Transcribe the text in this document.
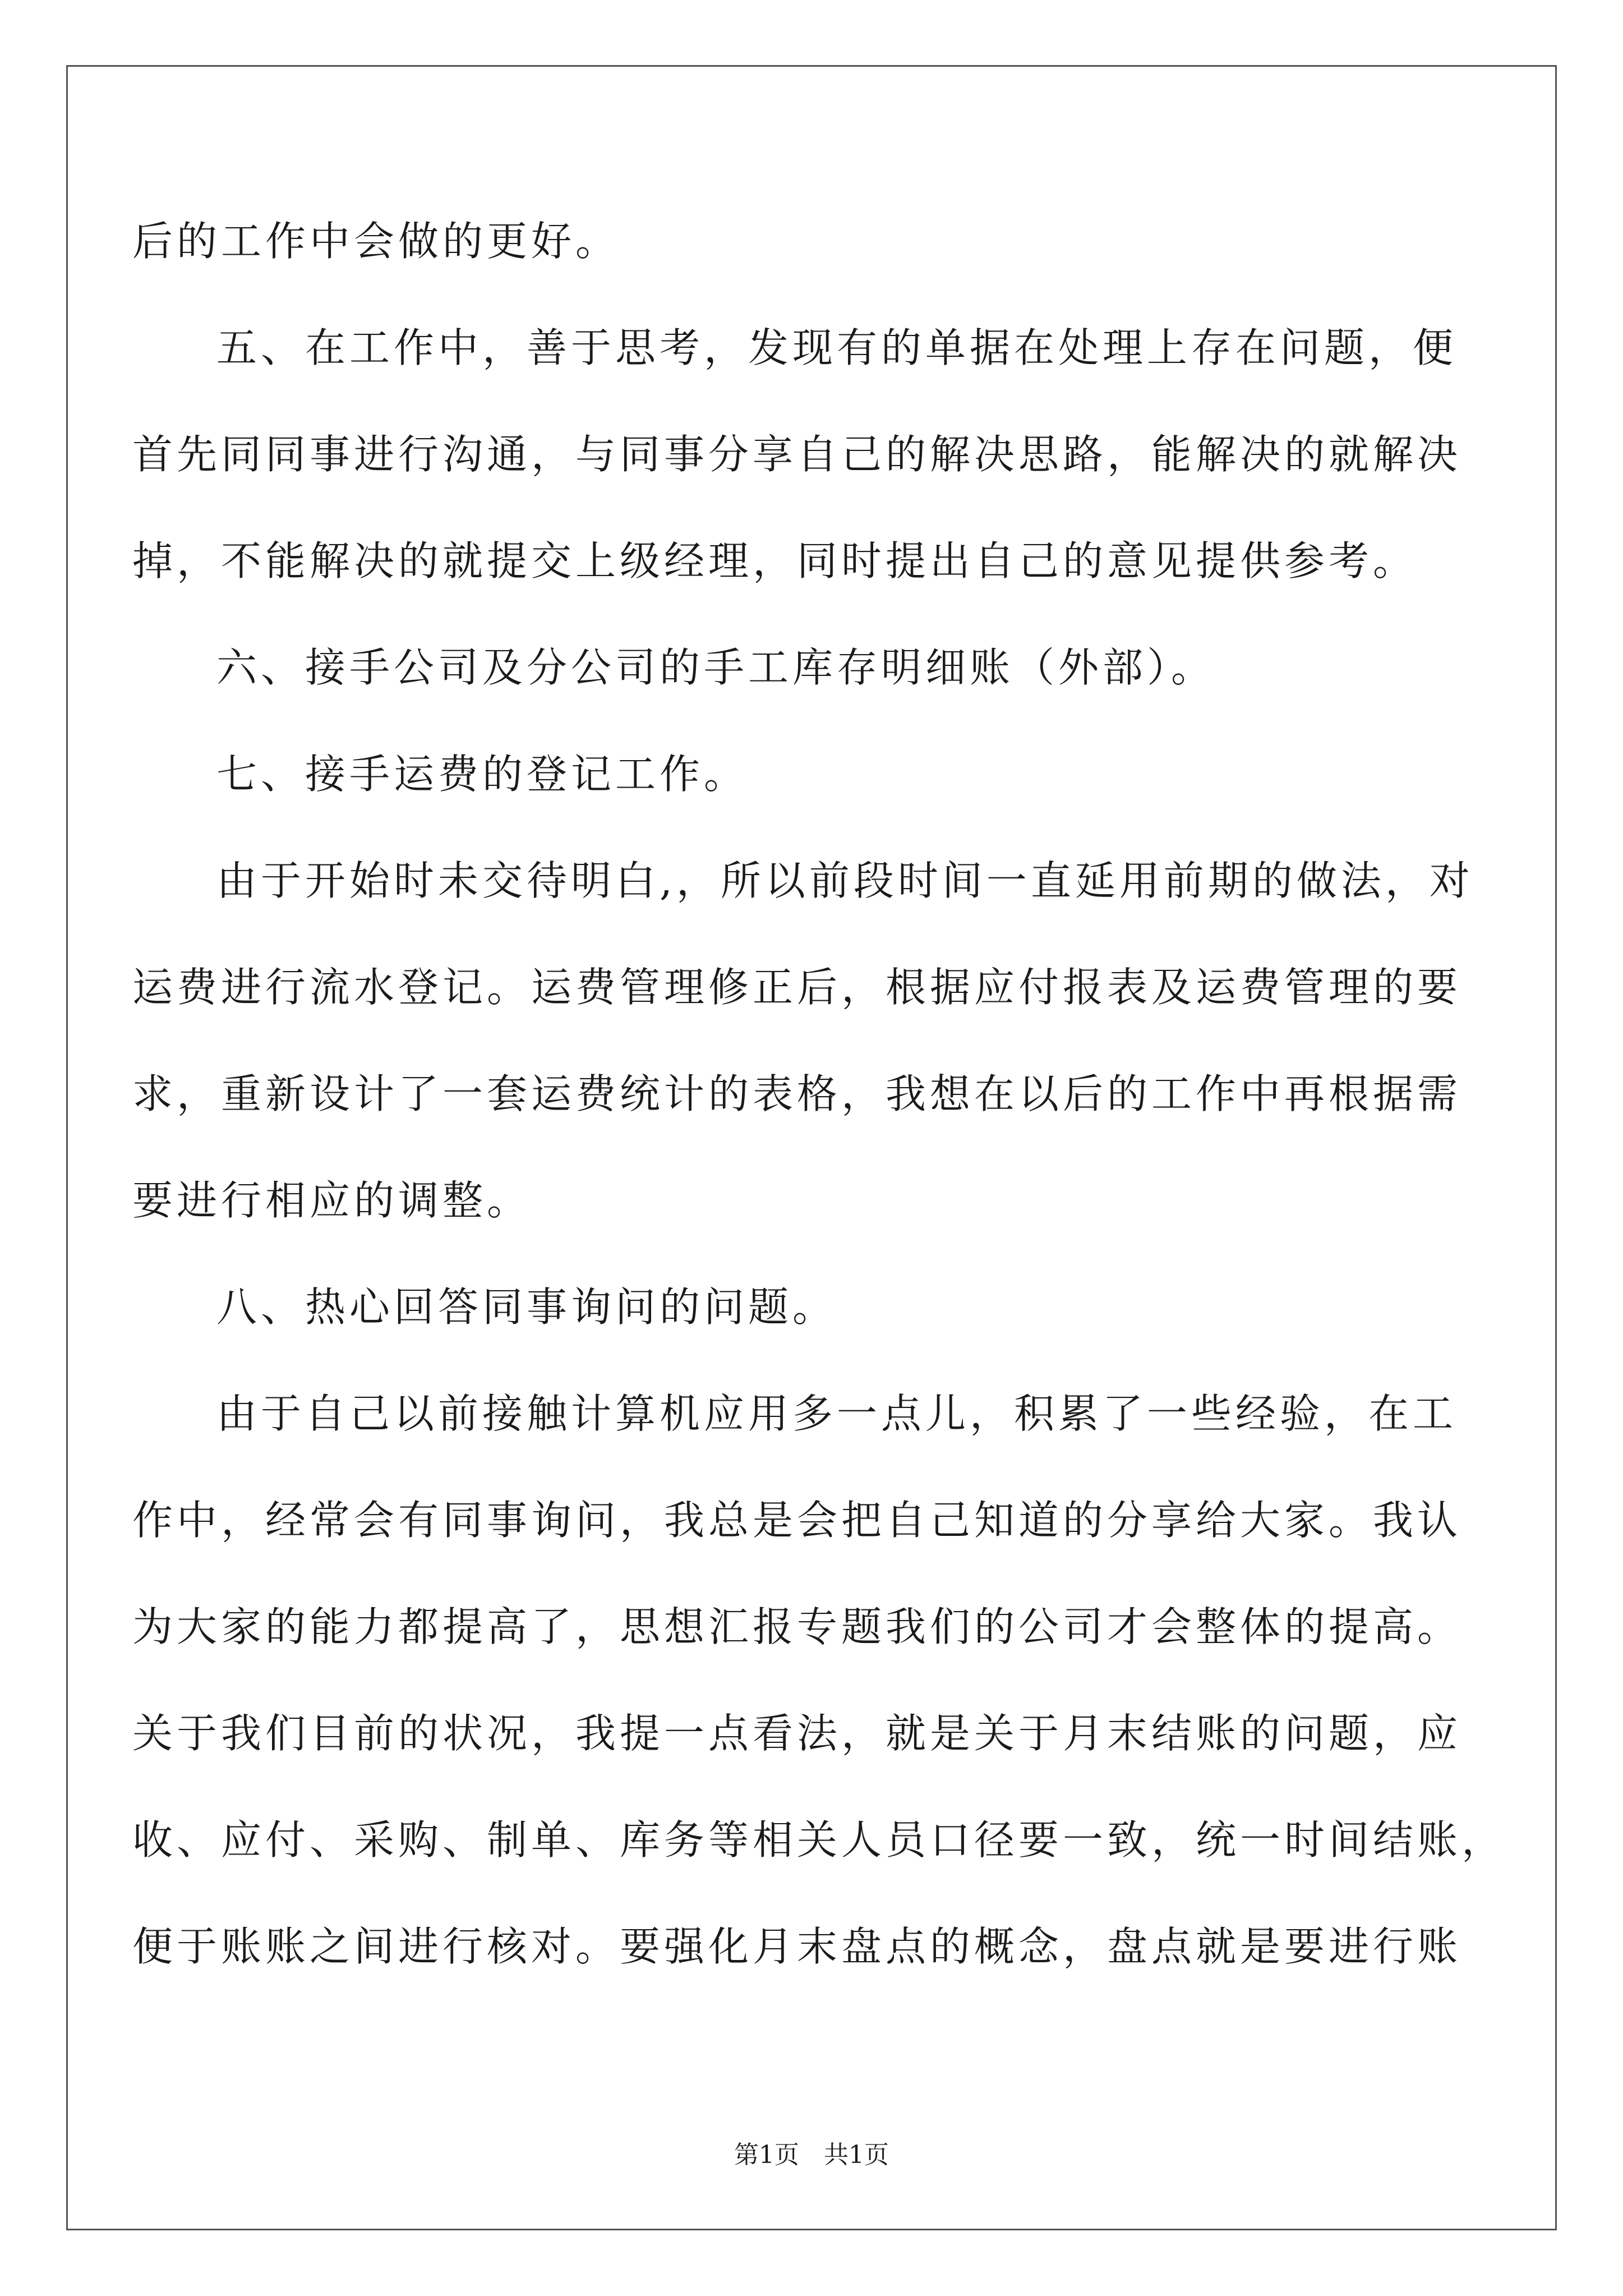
后的工作中会做的更好。
五、在工作中，善于思考，发现有的单据在处理上存在问题，便
首先同同事进行沟通，与同事分享自己的解决思路，能解决的就解决
掉，不能解决的就提交上级经理，同时提出自己的意见提供参考。
六、接手公司及分公司的手工库存明细账（外部）。
七、接手运费的登记工作。
由于开始时未交待明白,，所以前段时间一直延用前期的做法，对
运费进行流水登记。运费管理修正后，根据应付报表及运费管理的要
求，重新设计了一套运费统计的表格，我想在以后的工作中再根据需
要进行相应的调整。
八、热心回答同事询问的问题。
由于自己以前接触计算机应用多一点儿，积累了一些经验，在工
作中，经常会有同事询问，我总是会把自己知道的分享给大家。我认
为大家的能力都提高了，思想汇报专题我们的公司才会整体的提高。
关于我们目前的状况，我提一点看法，就是关于月末结账的问题，应
收、应付、采购、制单、库务等相关人员口径要一致，统一时间结账，
便于账账之间进行核对。要强化月末盘点的概念，盘点就是要进行账
第1页　共1页
